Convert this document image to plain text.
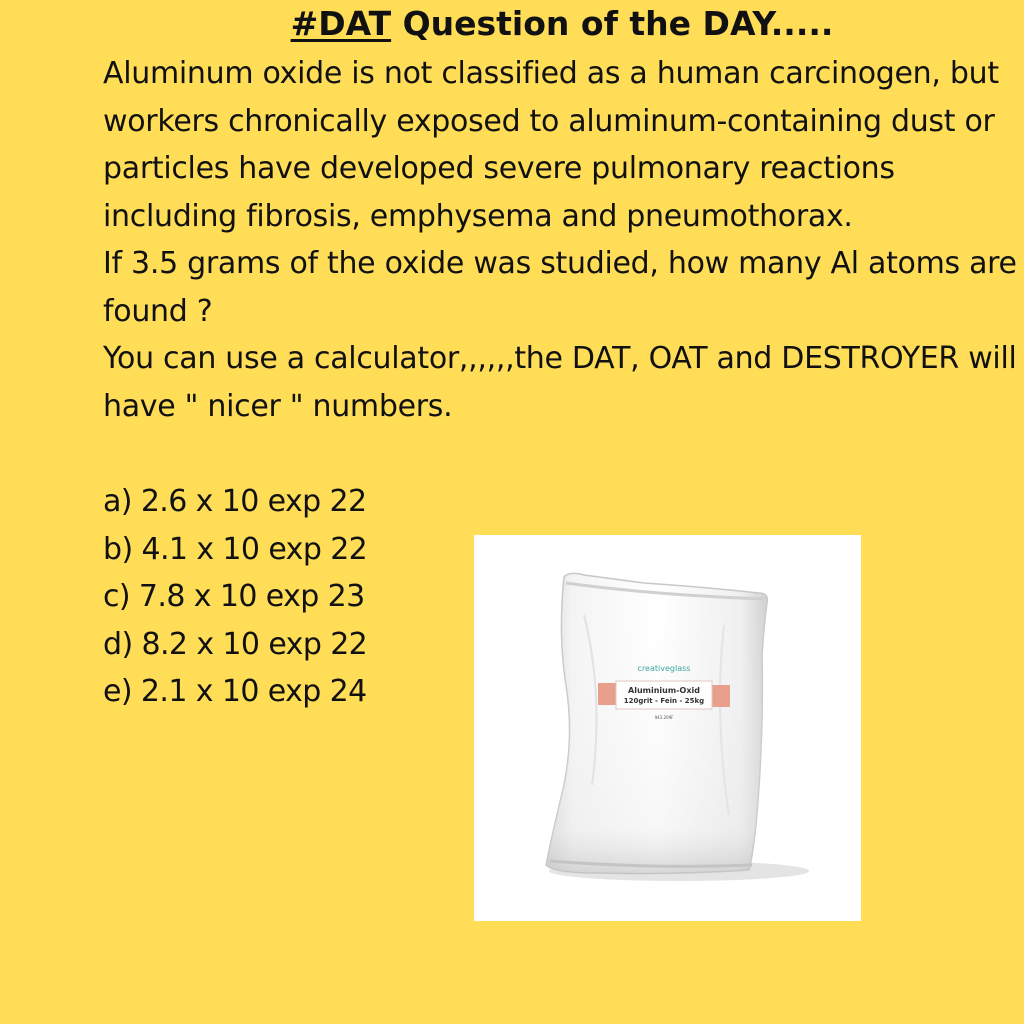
#DAT Question of the DAY.....

Aluminum oxide is not classified as a human carcinogen, but workers chronically exposed to aluminum-containing dust or particles have developed severe pulmonary reactions including fibrosis, emphysema and pneumothorax.

If 3.5 grams of the oxide was studied, how many Al atoms are found ?

You can use a calculator,,,,,,the DAT, OAT and DESTROYER will have " nicer " numbers.

a) 2.6 x 10 exp 22
b) 4.1 x 10 exp 22
c) 7.8 x 10 exp 23
d) 8.2 x 10 exp 22
e) 2.1 x 10 exp 24
creativeglass
Aluminium-Oxid
120grit - Fein - 25kg
943.209F
